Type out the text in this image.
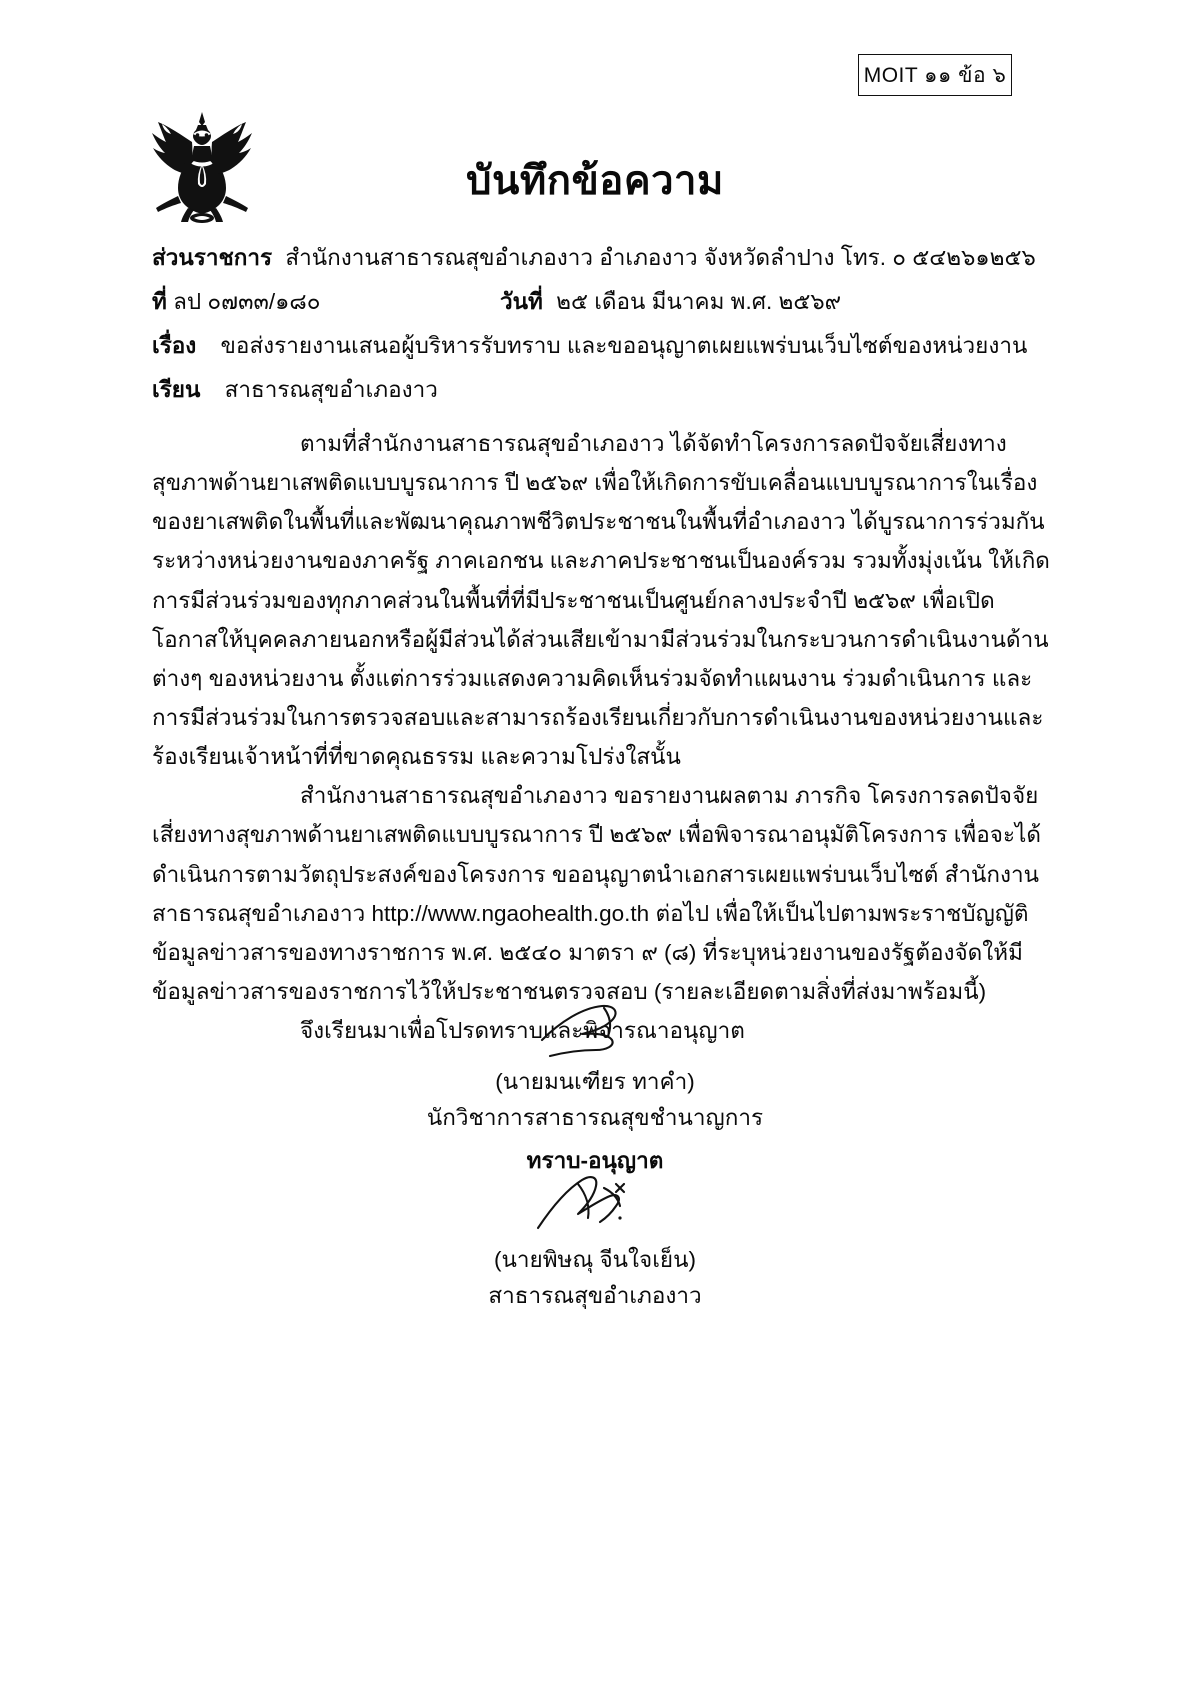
MOIT ๑๑ ข้อ ๖
บันทึกข้อความ
ส่วนราชการ สำนักงานสาธารณสุขอำเภองาว อำเภองาว จังหวัดลำปาง โทร. ๐ ๕๔๒๖๑๒๕๖
ที่ ลป ๐๗๓๓/๑๘๐	วันที่ ๒๕ เดือน มีนาคม พ.ศ. ๒๕๖๙
เรื่อง ขอส่งรายงานเสนอผู้บริหารรับทราบ และขออนุญาตเผยแพร่บนเว็บไซต์ของหน่วยงาน
เรียน สาธารณสุขอำเภองาว

ตามที่สำนักงานสาธารณสุขอำเภองาว ได้จัดทำโครงการลดปัจจัยเสี่ยงทางสุขภาพด้านยาเสพติดแบบบูรณาการ ปี ๒๕๖๙ เพื่อให้เกิดการขับเคลื่อนแบบบูรณาการในเรื่องของยาเสพติดในพื้นที่และพัฒนาคุณภาพชีวิตประชาชนในพื้นที่อำเภองาว ได้บูรณาการร่วมกันระหว่างหน่วยงานของภาครัฐ ภาคเอกชน และภาคประชาชนเป็นองค์รวม รวมทั้งมุ่งเน้น ให้เกิดการมีส่วนร่วมของทุกภาคส่วนในพื้นที่ที่มีประชาชนเป็นศูนย์กลางประจำปี ๒๕๖๙ เพื่อเปิดโอกาสให้บุคคลภายนอกหรือผู้มีส่วนได้ส่วนเสียเข้ามามีส่วนร่วมในกระบวนการดำเนินงานด้านต่างๆ ของหน่วยงาน ตั้งแต่การร่วมแสดงความคิดเห็นร่วมจัดทำแผนงาน ร่วมดำเนินการ และการมีส่วนร่วมในการตรวจสอบและสามารถร้องเรียนเกี่ยวกับการดำเนินงานของหน่วยงานและร้องเรียนเจ้าหน้าที่ที่ขาดคุณธรรม และความโปร่งใสนั้น

สำนักงานสาธารณสุขอำเภองาว ขอรายงานผลตาม ภารกิจ โครงการลดปัจจัยเสี่ยงทางสุขภาพด้านยาเสพติดแบบบูรณาการ ปี ๒๕๖๙ เพื่อพิจารณาอนุมัติโครงการ เพื่อจะได้ดำเนินการตามวัตถุประสงค์ของโครงการ ขออนุญาตนำเอกสารเผยแพร่บนเว็บไซต์ สำนักงานสาธารณสุขอำเภองาว http://www.ngaohealth.go.th ต่อไป เพื่อให้เป็นไปตามพระราชบัญญัติข้อมูลข่าวสารของทางราชการ พ.ศ. ๒๕๔๐ มาตรา ๙ (๘) ที่ระบุหน่วยงานของรัฐต้องจัดให้มีข้อมูลข่าวสารของราชการไว้ให้ประชาชนตรวจสอบ (รายละเอียดตามสิ่งที่ส่งมาพร้อมนี้)

จึงเรียนมาเพื่อโปรดทราบและพิจารณาอนุญาต

(นายมนเฑียร ทาคำ)
นักวิชาการสาธารณสุขชำนาญการ
ทราบ-อนุญาต
(นายพิษณุ จีนใจเย็น)
สาธารณสุขอำเภองาว
